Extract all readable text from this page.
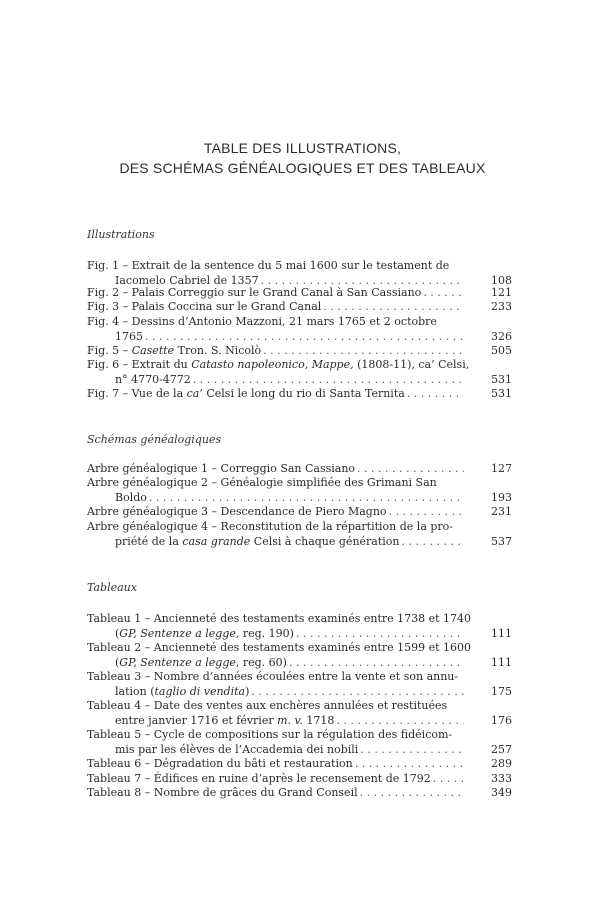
TABLE DES ILLUSTRATIONS,
DES SCHÉMAS GÉNÉALOGIQUES ET DES TABLEAUX
Illustrations
Fig. 1 – Extrait de la sentence du 5 mai 1600 sur le testament de
Iacomelo Cabriel de 1357 . . .	108
Fig. 2 – Palais Correggio sur le Grand Canal à San Cassiano . . .	121
Fig. 3 – Palais Coccina sur le Grand Canal . . .	233
Fig. 4 – Dessins d’Antonio Mazzoni, 21 mars 1765 et 2 octobre
1765 . . .	326
Fig. 5 – Casette Tron. S. Nicolò . . .	505
Fig. 6 – Extrait du Catasto napoleonico, Mappe, (1808-11), ca’ Celsi,
n° 4770-4772 . . .	531
Fig. 7 – Vue de la ca’ Celsi le long du rio di Santa Ternita . . .	531
Schémas généalogiques
Arbre généalogique 1 – Correggio San Cassiano . . .	127
Arbre généalogique 2 – Généalogie simplifiée des Grimani San
Boldo . . .	193
Arbre généalogique 3 – Descendance de Piero Magno . . .	231
Arbre généalogique 4 – Reconstitution de la répartition de la pro-
priété de la casa grande Celsi à chaque génération . . .	537
Tableaux
Tableau 1 – Ancienneté des testaments examinés entre 1738 et 1740
(GP, Sentenze a legge, reg. 190) . . .	111
Tableau 2 – Ancienneté des testaments examinés entre 1599 et 1600
(GP, Sentenze a legge, reg. 60) . . .	111
Tableau 3 – Nombre d’années écoulées entre la vente et son annu-
lation (taglio di vendita) . . .	175
Tableau 4 – Date des ventes aux enchères annulées et restituées
entre janvier 1716 et février m. v. 1718 . . .	176
Tableau 5 – Cycle de compositions sur la régulation des fidéicom-
mis par les élèves de l’Accademia dei nobili . . .	257
Tableau 6 – Dégradation du bâti et restauration . . .	289
Tableau 7 – Édifices en ruine d’après le recensement de 1792 . . .	333
Tableau 8 – Nombre de grâces du Grand Conseil . . .	349
